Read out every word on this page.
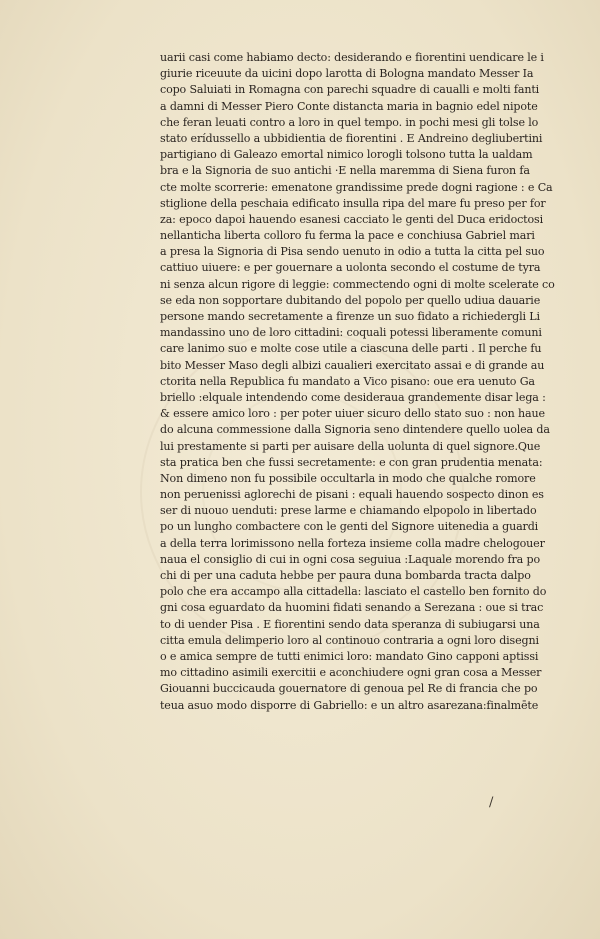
uarii casi come habiamo decto: desiderando e fiorentini uendicare le i
giurie riceuute da uicini dopo larotta di Bologna mandato Messer Ia
copo Saluiati in Romagna con parechi squadre di caualli e molti fanti
a damni di Messer Piero Conte distancta maria in bagnio edel nipote
che feran leuati contro a loro in quel tempo. in pochi mesi gli tolse lo
stato erídussello a ubbidientia de fiorentini . E Andreino degliubertini
partigiano di Galeazo emortal nimico lorogli tolsono tutta la ualdam
bra e la Signoria de suo antichi ·E nella maremma di Siena furon fa
cte molte scorrerie: emenatone grandissime prede dogni ragione : e Ca
stiglione della peschaia edificato insulla ripa del mare fu preso per for
za: epoco dapoi hauendo esanesi cacciato le genti del Duca eridoctosi
nellanticha liberta colloro fu ferma la pace e conchiusa Gabriel mari
a presa la Signoria di Pisa sendo uenuto in odio a tutta la citta pel suo
cattiuo uiuere: e per gouernare a uolonta secondo el costume de tyra
ni senza alcun rigore di leggie: commectendo ogni di molte scelerate co
se eda non sopportare dubitando del popolo per quello udiua dauarie
persone mando secretamente a firenze un suo fidato a richiedergli Li
mandassino uno de loro cittadini: coquali potessi liberamente comuni
care lanimo suo e molte cose utile a ciascuna delle parti . Il perche fu
bito Messer Maso degli albizi caualieri exercitato assai e di grande au
ctorita nella Republica fu mandato a Vico pisano: oue era uenuto Ga
briello :elquale intendendo come desideraua grandemente disar lega :
& essere amico loro : per poter uiuer sicuro dello stato suo : non haue
do alcuna commessione dalla Signoria seno dintendere quello uolea da
lui prestamente si parti per auisare della uolunta di quel signore.Que
sta pratica ben che fussi secretamente: e con gran prudentia menata:
Non dimeno non fu possibile occultarla in modo che qualche romore
non peruenissi aglorechi de pisani : equali hauendo sospecto dinon es
ser di nuouo uenduti: prese larme e chiamando elpopolo in libertado
po un lungho combactere con le genti del Signore uitenedia a guardi
a della terra lorimissono nella forteza insieme colla madre chelogouer
naua el consiglio di cui in ogni cosa seguiua :Laquale morendo fra po
chi di per una caduta hebbe per paura duna bombarda tracta dalpo
polo che era accampo alla cittadella: lasciato el castello ben fornito do
gni cosa eguardato da huomini fidati senando a Serezana : oue si trac
to di uender Pisa . E fiorentini sendo data speranza di subiugarsi una
citta emula delimperio loro al continouo contraria a ogni loro disegni
o e amica sempre de tutti enimici loro: mandato Gino capponi aptissi
mo cittadino asimili exercitii e aconchiudere ogni gran cosa a Messer
Giouanni buccicauda gouernatore di genoua pel Re di francia che po
teua asuo modo disporre di Gabriello: e un altro asarezana:finalmēte
/
